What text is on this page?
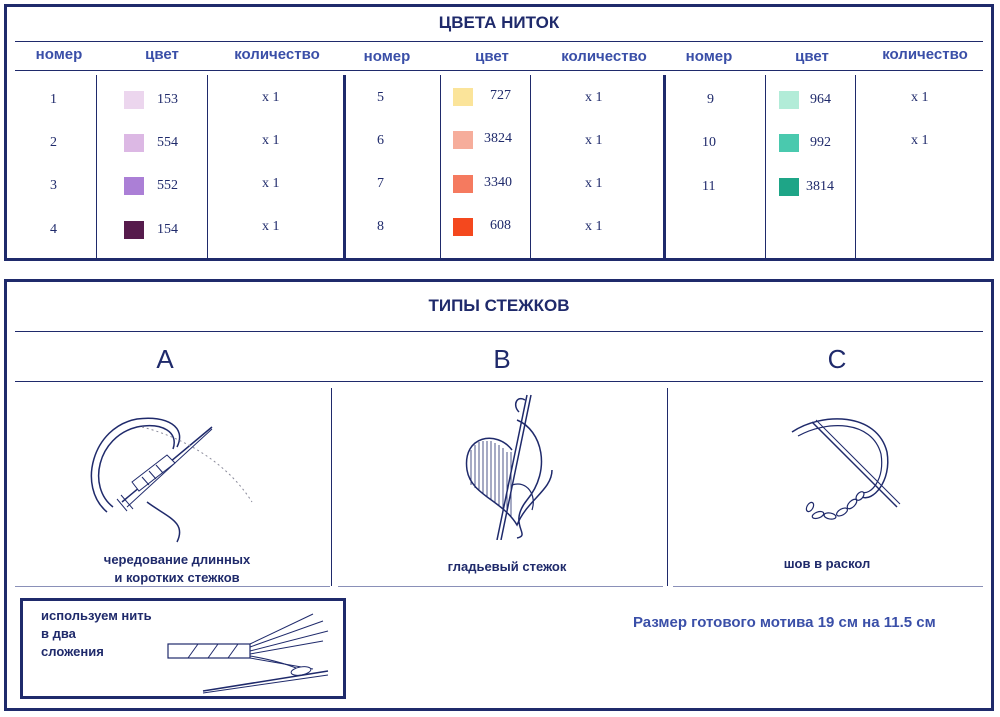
ЦВЕТА НИТОК
номер	цвет	количество	номер	цвет	количество	номер	цвет	количество
1	153	x 1
2	554	x 1
3	552	x 1
4	154	x 1
5	727	x 1
6	3824	x 1
7	3340	x 1
8	608	x 1
9	964	x 1
10	992	x 1
11	3814
ТИПЫ СТЕЖКОВ
A	B	C
чередование длинных
и коротких стежков
гладьевый стежок	шов в раскол
используем нить
в два
сложения
Размер готового мотива 19 см на 11.5 см
